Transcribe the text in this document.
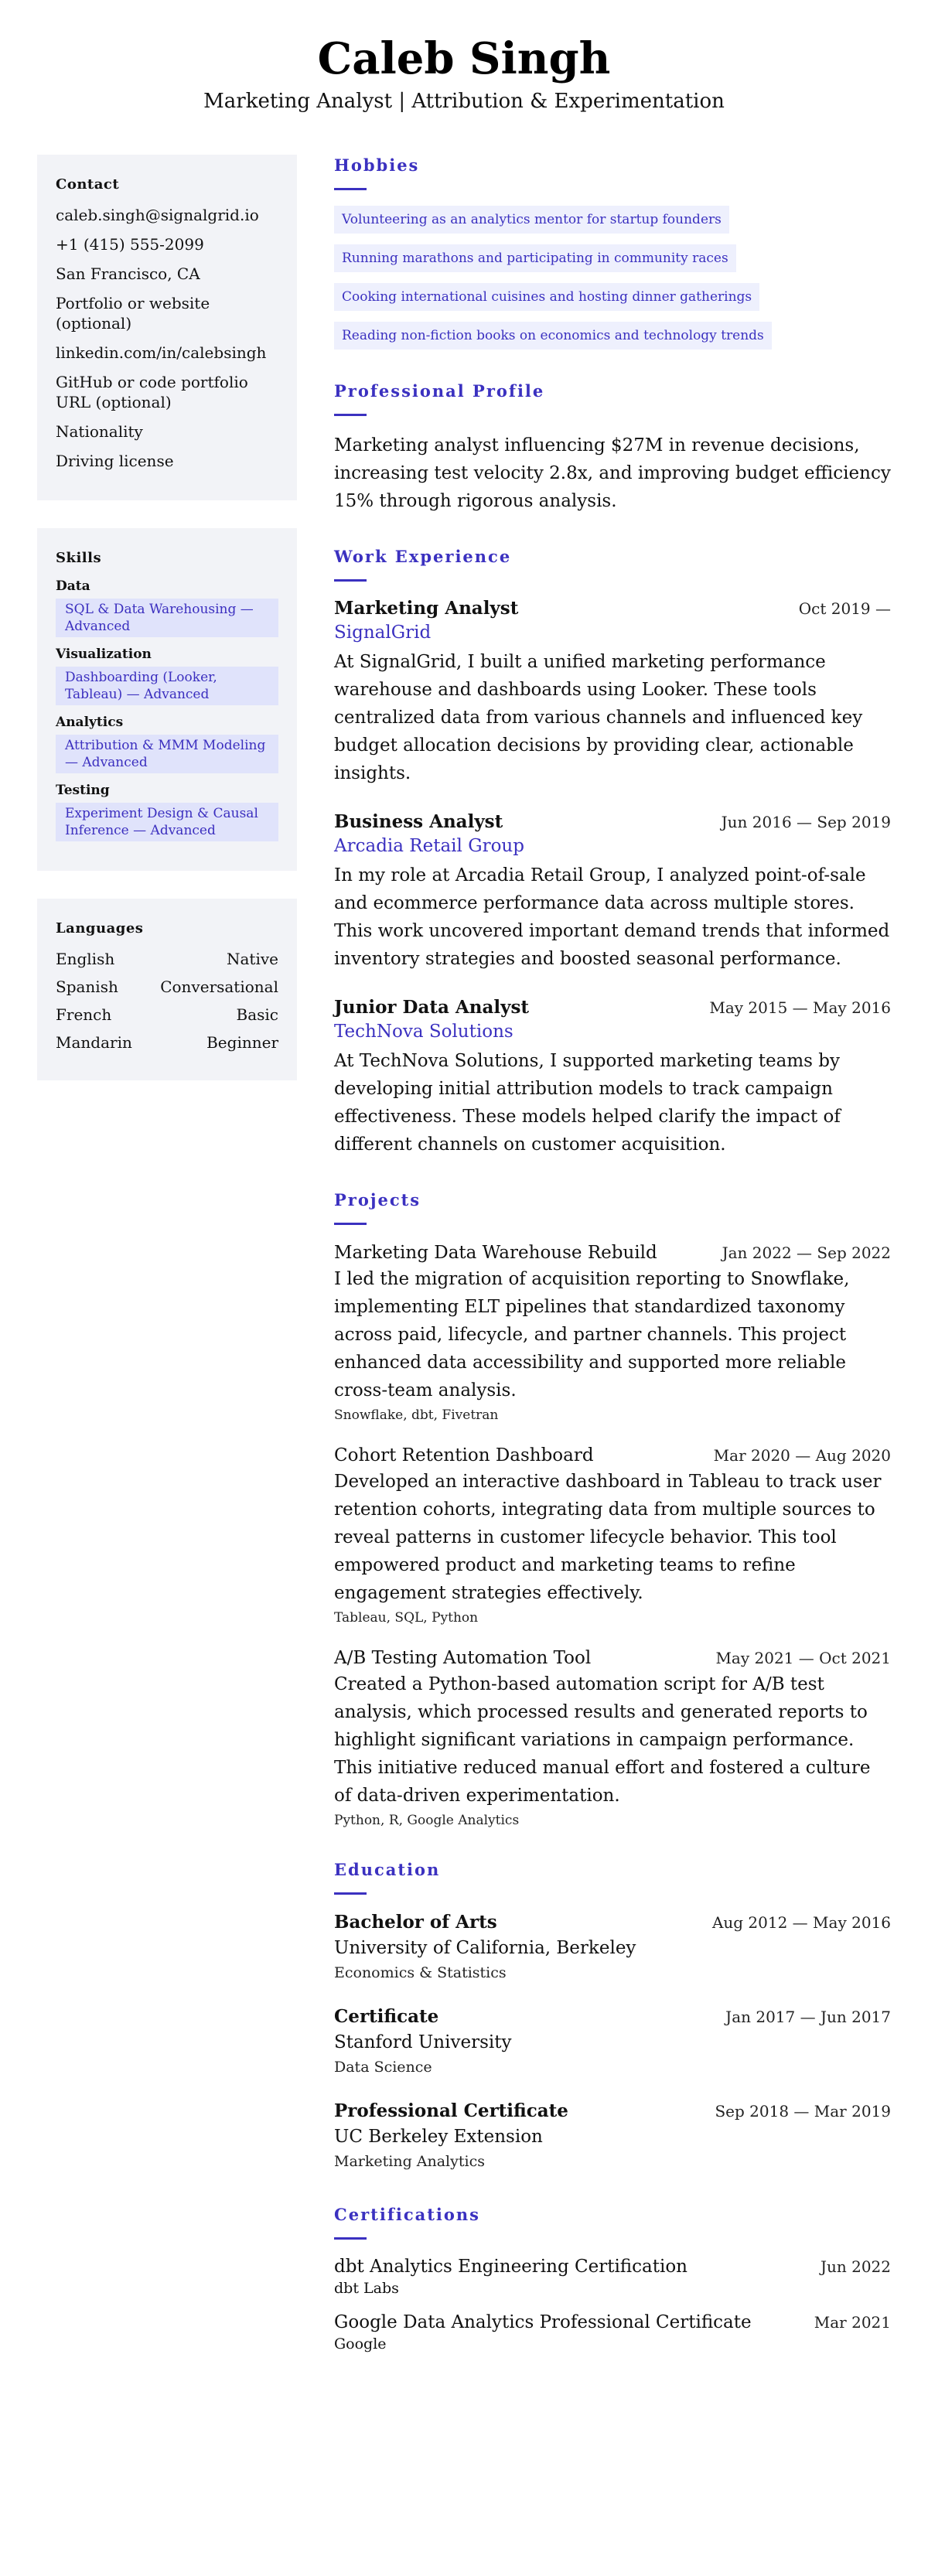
Caleb Singh
Marketing Analyst | Attribution & Experimentation
Contact
caleb.singh@signalgrid.io
+1 (415) 555-2099
San Francisco, CA
Portfolio or website (optional)
linkedin.com/in/calebsingh
GitHub or code portfolio URL (optional)
Nationality
Driving license
Skills
Data
SQL & Data Warehousing — Advanced
Visualization
Dashboarding (Looker, Tableau) — Advanced
Analytics
Attribution & MMM Modeling — Advanced
Testing
Experiment Design & Causal Inference — Advanced
Languages
English	Native
Spanish	Conversational
French	Basic
Mandarin	Beginner
Hobbies
Volunteering as an analytics mentor for startup founders
Running marathons and participating in community races
Cooking international cuisines and hosting dinner gatherings
Reading non-fiction books on economics and technology trends
Professional Profile

Marketing analyst influencing $27M in revenue decisions, increasing test velocity 2.8x, and improving budget efficiency 15% through rigorous analysis.

Work Experience
Marketing Analyst	Oct 2019 —
SignalGrid

At SignalGrid, I built a unified marketing performance warehouse and dashboards using Looker. These tools centralized data from various channels and influenced key budget allocation decisions by providing clear, actionable insights.

Business Analyst	Jun 2016 — Sep 2019
Arcadia Retail Group

In my role at Arcadia Retail Group, I analyzed point-of-sale and ecommerce performance data across multiple stores. This work uncovered important demand trends that informed inventory strategies and boosted seasonal performance.

Junior Data Analyst	May 2015 — May 2016
TechNova Solutions

At TechNova Solutions, I supported marketing teams by developing initial attribution models to track campaign effectiveness. These models helped clarify the impact of different channels on customer acquisition.

Projects
Marketing Data Warehouse Rebuild	Jan 2022 — Sep 2022

I led the migration of acquisition reporting to Snowflake, implementing ELT pipelines that standardized taxonomy across paid, lifecycle, and partner channels. This project enhanced data accessibility and supported more reliable cross-team analysis.

Snowflake, dbt, Fivetran
Cohort Retention Dashboard	Mar 2020 — Aug 2020

Developed an interactive dashboard in Tableau to track user retention cohorts, integrating data from multiple sources to reveal patterns in customer lifecycle behavior. This tool empowered product and marketing teams to refine engagement strategies effectively.

Tableau, SQL, Python
A/B Testing Automation Tool	May 2021 — Oct 2021

Created a Python-based automation script for A/B test analysis, which processed results and generated reports to highlight significant variations in campaign performance. This initiative reduced manual effort and fostered a culture of data-driven experimentation.

Python, R, Google Analytics
Education
Bachelor of Arts	Aug 2012 — May 2016
University of California, Berkeley
Economics & Statistics
Certificate	Jan 2017 — Jun 2017
Stanford University
Data Science
Professional Certificate	Sep 2018 — Mar 2019
UC Berkeley Extension
Marketing Analytics
Certifications
dbt Analytics Engineering Certification	Jun 2022
dbt Labs
Google Data Analytics Professional Certificate	Mar 2021
Google
